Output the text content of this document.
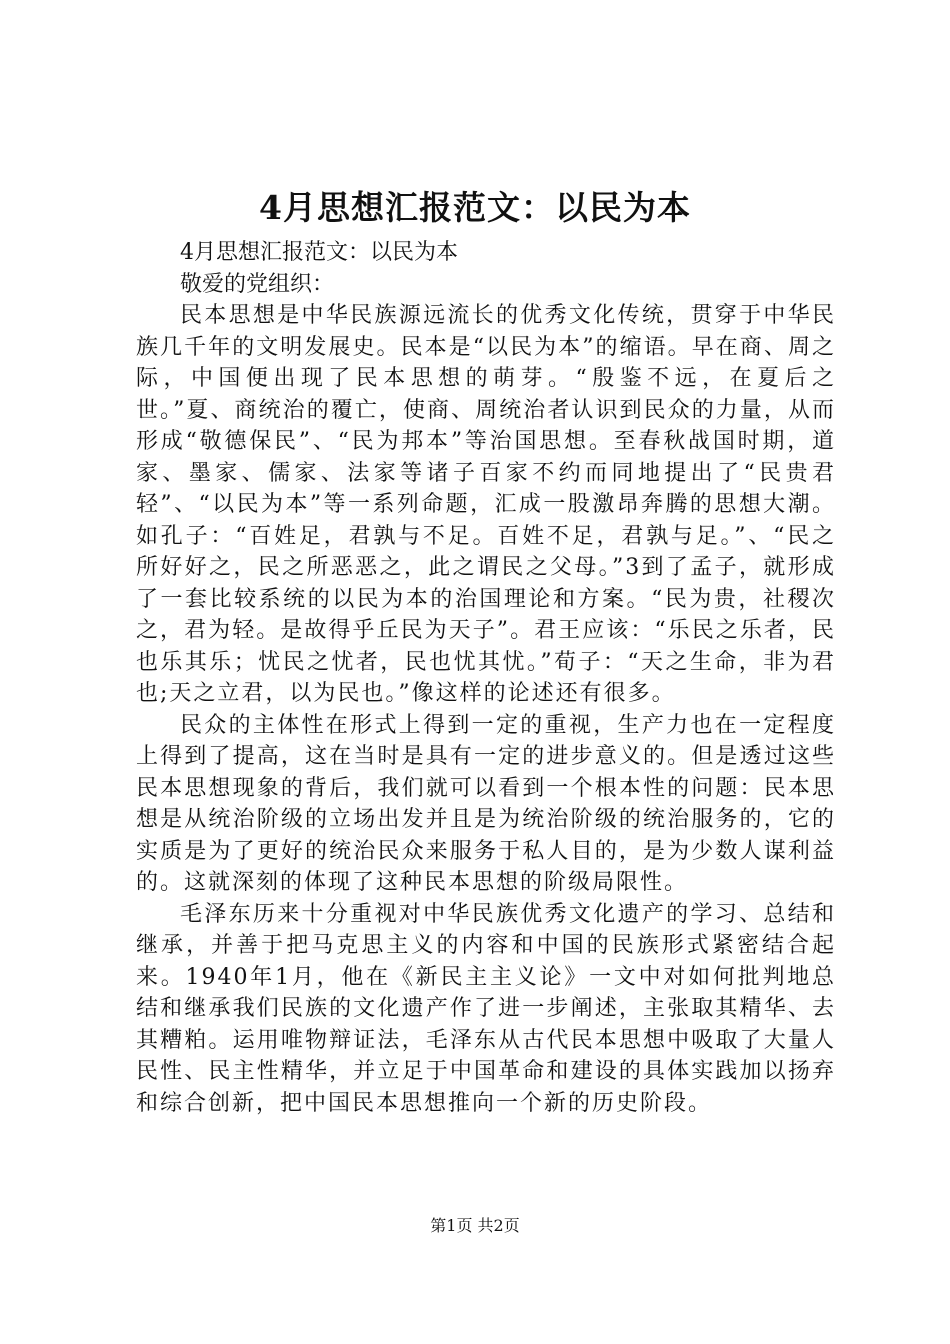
4月思想汇报范文：以民为本

4月思想汇报范文：以民为本

敬爱的党组织：

民本思想是中华民族源远流长的优秀文化传统，贯穿于中华民族几千年的文明发展史。民本是“以民为本”的缩语。早在商、周之际，中国便出现了民本思想的萌芽。“殷鉴不远，在夏后之世。”夏、商统治的覆亡，使商、周统治者认识到民众的力量，从而形成“敬德保民”、“民为邦本”等治国思想。至春秋战国时期，道家、墨家、儒家、法家等诸子百家不约而同地提出了“民贵君轻”、“以民为本”等一系列命题，汇成一股激昂奔腾的思想大潮。如孔子：“百姓足，君孰与不足。百姓不足，君孰与足。”、“民之所好好之，民之所恶恶之，此之谓民之父母。”3到了孟子，就形成了一套比较系统的以民为本的治国理论和方案。“民为贵，社稷次之，君为轻。是故得乎丘民为天子”。君王应该：“乐民之乐者，民也乐其乐；忧民之忧者，民也忧其忧。”荀子：“天之生命，非为君也;天之立君，以为民也。”像这样的论述还有很多。

民众的主体性在形式上得到一定的重视，生产力也在一定程度上得到了提高，这在当时是具有一定的进步意义的。但是透过这些民本思想现象的背后，我们就可以看到一个根本性的问题：民本思想是从统治阶级的立场出发并且是为统治阶级的统治服务的，它的实质是为了更好的统治民众来服务于私人目的，是为少数人谋利益的。这就深刻的体现了这种民本思想的阶级局限性。

毛泽东历来十分重视对中华民族优秀文化遗产的学习、总结和继承，并善于把马克思主义的内容和中国的民族形式紧密结合起来。1940年1月，他在《新民主主义论》一文中对如何批判地总结和继承我们民族的文化遗产作了进一步阐述，主张取其精华、去其糟粕。运用唯物辩证法，毛泽东从古代民本思想中吸取了大量人民性、民主性精华，并立足于中国革命和建设的具体实践加以扬弃和综合创新，把中国民本思想推向一个新的历史阶段。

第1页 共2页
